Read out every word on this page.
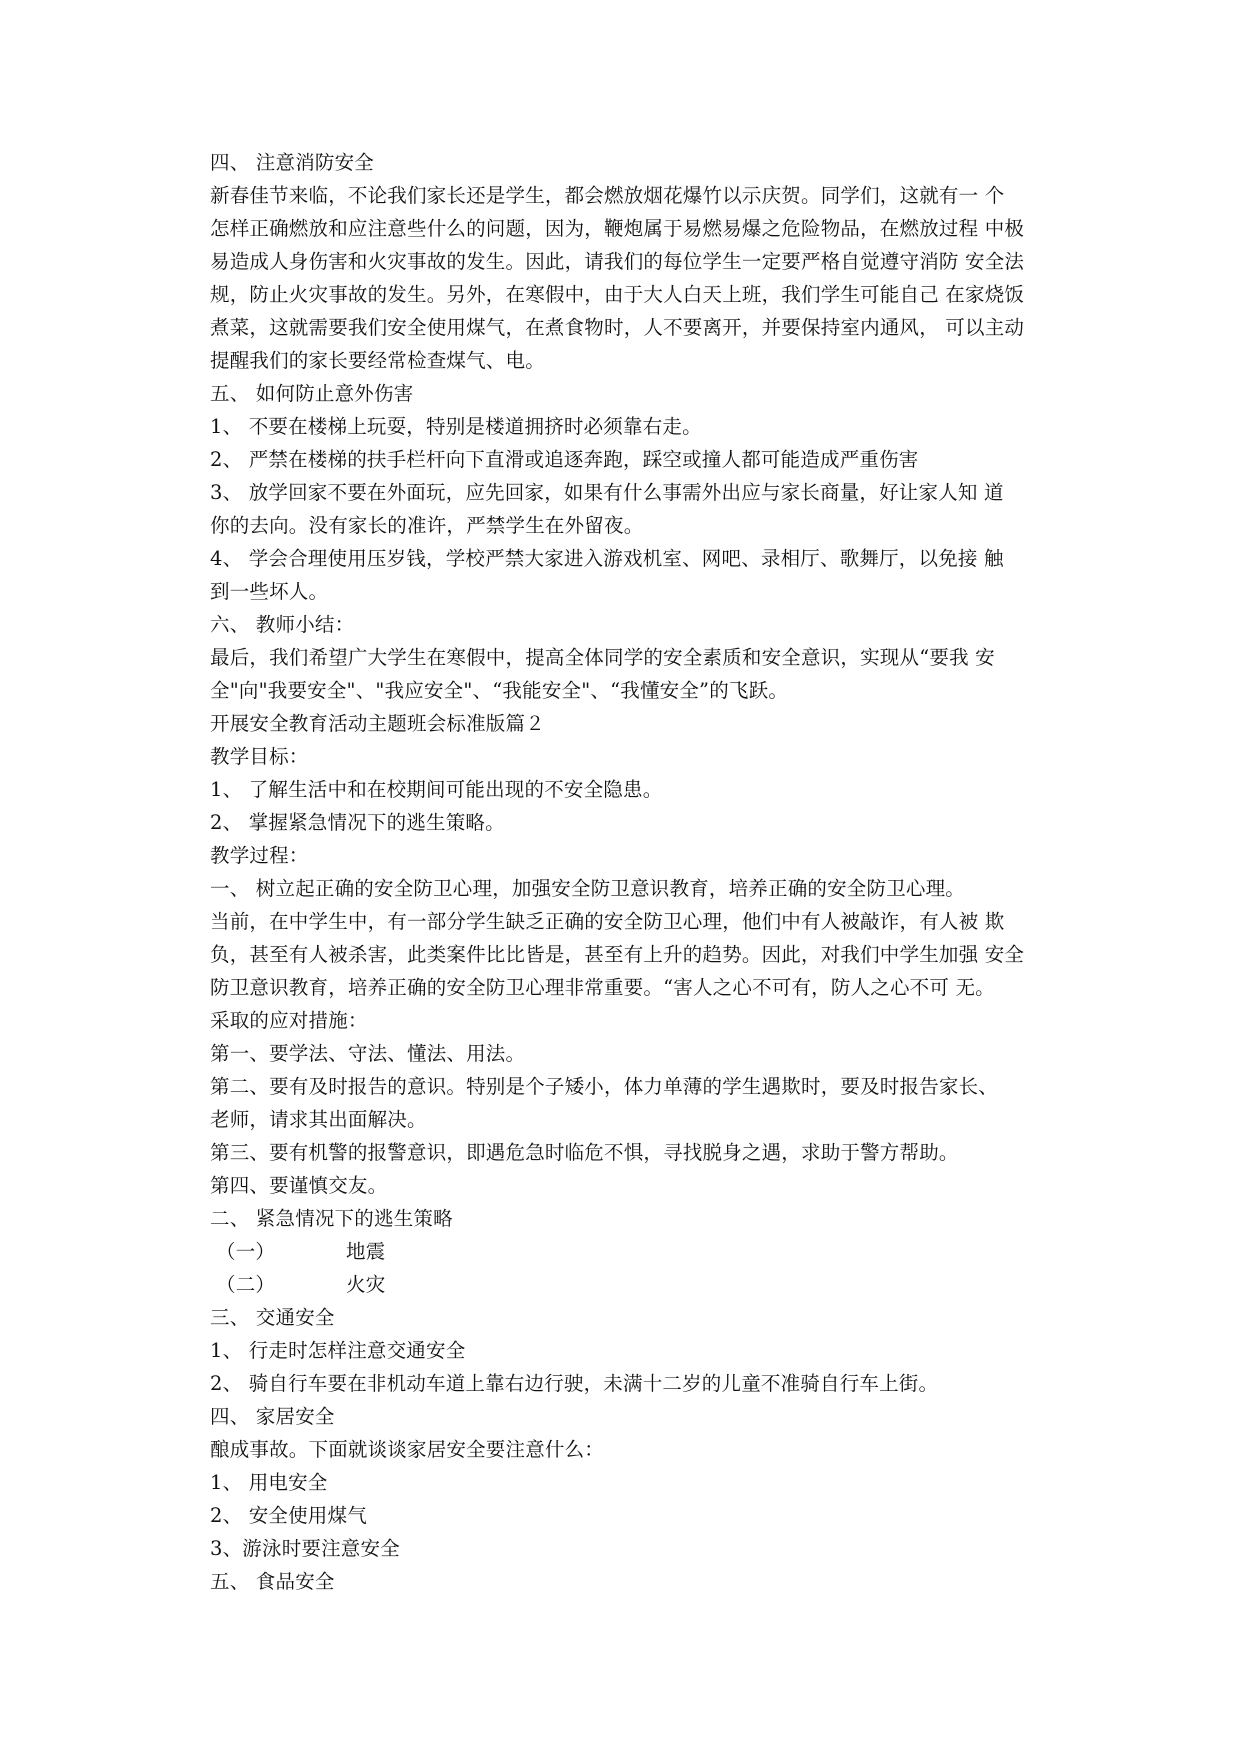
四、 注意消防安全
新春佳节来临，不论我们家长还是学生，都会燃放烟花爆竹以示庆贺。同学们，这就有一 个
怎样正确燃放和应注意些什么的问题，因为，鞭炮属于易燃易爆之危险物品，在燃放过程 中极
易造成人身伤害和火灾事故的发生。因此，请我们的每位学生一定要严格自觉遵守消防 安全法
规，防止火灾事故的发生。另外，在寒假中，由于大人白天上班，我们学生可能自己 在家烧饭
煮菜，这就需要我们安全使用煤气，在煮食物时，人不要离开，并要保持室内通风， 可以主动
提醒我们的家长要经常检查煤气、电。
五、 如何防止意外伤害
1、 不要在楼梯上玩耍，特别是楼道拥挤时必须靠右走。
2、 严禁在楼梯的扶手栏杆向下直滑或追逐奔跑，踩空或撞人都可能造成严重伤害
3、 放学回家不要在外面玩，应先回家，如果有什么事需外出应与家长商量，好让家人知 道
你的去向。没有家长的准许，严禁学生在外留夜。
4、 学会合理使用压岁钱，学校严禁大家进入游戏机室、网吧、录相厅、歌舞厅，以免接 触
到一些坏人。
六、 教师小结：
最后，我们希望广大学生在寒假中，提高全体同学的安全素质和安全意识，实现从“要我 安
全"向"我要安全"、"我应安全"、“我能安全"、“我懂安全”的飞跃。
开展安全教育活动主题班会标准版篇２
教学目标：
1、 了解生活中和在校期间可能出现的不安全隐患。
2、 掌握紧急情况下的逃生策略。
教学过程：
一、 树立起正确的安全防卫心理，加强安全防卫意识教育，培养正确的安全防卫心理。
当前，在中学生中，有一部分学生缺乏正确的安全防卫心理，他们中有人被敲诈，有人被 欺
负，甚至有人被杀害，此类案件比比皆是，甚至有上升的趋势。因此，对我们中学生加强 安全
防卫意识教育，培养正确的安全防卫心理非常重要。“害人之心不可有，防人之心不可 无。
采取的应对措施：
第一、要学法、守法、懂法、用法。
第二、要有及时报告的意识。特别是个子矮小，体力单薄的学生遇欺时，要及时报告家长、
老师，请求其出面解决。
第三、要有机警的报警意识，即遇危急时临危不惧，寻找脱身之遇，求助于警方帮助。
第四、要谨慎交友。
二、 紧急情况下的逃生策略
（一）	地震
（二）	火灾
三、 交通安全
1、 行走时怎样注意交通安全
2、 骑自行车要在非机动车道上靠右边行驶，未满十二岁的儿童不准骑自行车上街。
四、 家居安全
酿成事故。下面就谈谈家居安全要注意什么：
1、 用电安全
2、 安全使用煤气
3、游泳时要注意安全
五、 食品安全
